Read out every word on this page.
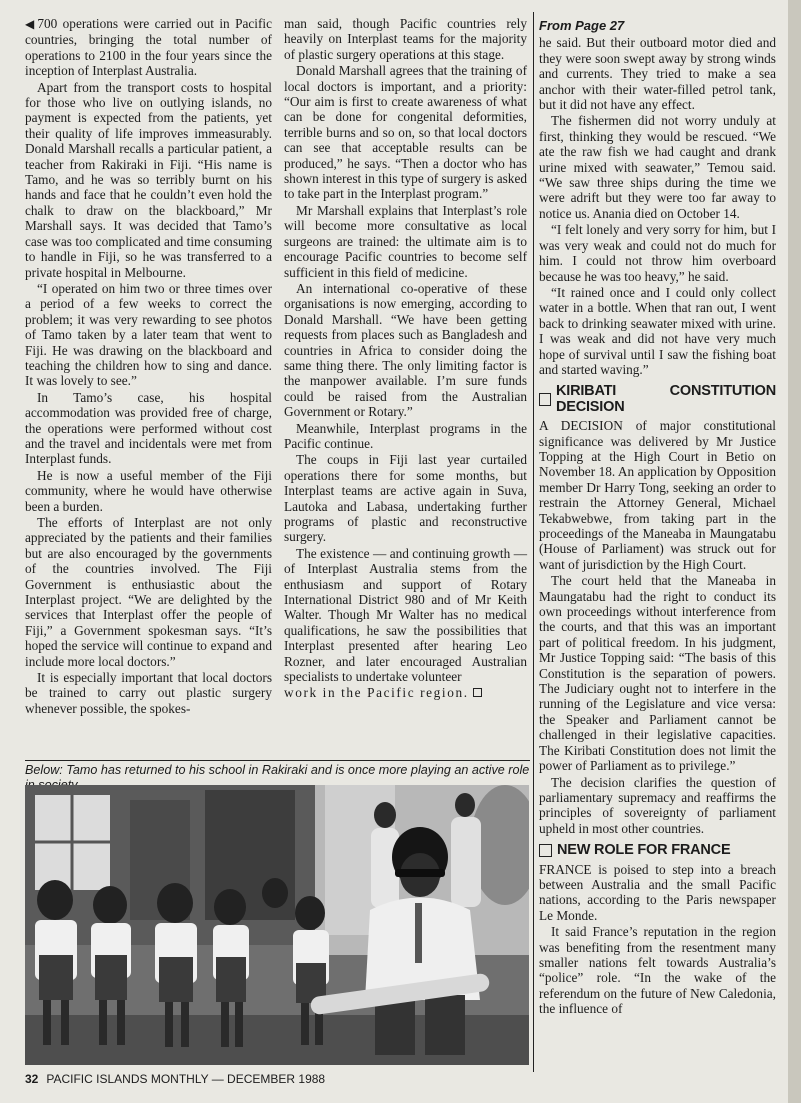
◀700 operations were carried out in Pacific countries, bringing the total number of operations to 2100 in the four years since the inception of Interplast Australia.

Apart from the transport costs to hospital for those who live on outlying islands, no payment is expected from the patients, yet their quality of life improves immeasurably. Donald Marshall recalls a particular patient, a teacher from Rakiraki in Fiji. “His name is Tamo, and he was so terribly burnt on his hands and face that he couldn’t even hold the chalk to draw on the blackboard,” Mr Marshall says. It was decided that Tamo’s case was too complicated and time consuming to handle in Fiji, so he was transferred to a private hospital in Melbourne.

“I operated on him two or three times over a period of a few weeks to correct the problem; it was very rewarding to see photos of Tamo taken by a later team that went to Fiji. He was drawing on the blackboard and teaching the children how to sing and dance. It was lovely to see.”

In Tamo’s case, his hospital accommodation was provided free of charge, the operations were performed without cost and the travel and incidentals were met from Interplast funds.

He is now a useful member of the Fiji community, where he would have otherwise been a burden.

The efforts of Interplast are not only appreciated by the patients and their families but are also encouraged by the governments of the countries involved. The Fiji Government is enthusiastic about the Interplast project. “We are delighted by the services that Interplast offer the people of Fiji,” a Government spokesman says. “It’s hoped the service will continue to expand and include more local doctors.”

It is especially important that local doctors be trained to carry out plastic surgery whenever possible, the spokes-

man said, though Pacific countries rely heavily on Interplast teams for the majority of plastic surgery operations at this stage.

Donald Marshall agrees that the training of local doctors is important, and a priority: “Our aim is first to create awareness of what can be done for congenital deformities, terrible burns and so on, so that local doctors can see that acceptable results can be produced,” he says. “Then a doctor who has shown interest in this type of surgery is asked to take part in the Interplast program.”

Mr Marshall explains that Interplast’s role will become more consultative as local surgeons are trained: the ultimate aim is to encourage Pacific countries to become self sufficient in this field of medicine.

An international co-operative of these organisations is now emerging, according to Donald Marshall. “We have been getting requests from places such as Bangladesh and countries in Africa to consider doing the same thing there. The only limiting factor is the manpower available. I’m sure funds could be raised from the Australian Government or Rotary.”

Meanwhile, Interplast programs in the Pacific continue.

The coups in Fiji last year curtailed operations there for some months, but Interplast teams are active again in Suva, Lautoka and Labasa, undertaking further programs of plastic and reconstructive surgery.

The existence — and continuing growth — of Interplast Australia stems from the enthusiasm and support of Rotary International District 980 and of Mr Keith Walter. Though Mr Walter has no medical qualifications, he saw the possibilities that Interplast presented after hearing Leo Rozner, and later encouraged Australian specialists to undertake volunteer

work in the Pacific region.

From Page 27

he said. But their outboard motor died and they were soon swept away by strong winds and currents. They tried to make a sea anchor with their water-filled petrol tank, but it did not have any effect.

The fishermen did not worry unduly at first, thinking they would be rescued. “We ate the raw fish we had caught and drank urine mixed with seawater,” Temou said. “We saw three ships during the time we were adrift but they were too far away to notice us. Anania died on October 14.

“I felt lonely and very sorry for him, but I was very weak and could not do much for him. I could not throw him overboard because he was too heavy,” he said.

“It rained once and I could only collect water in a bottle. When that ran out, I went back to drinking seawater mixed with urine. I was weak and did not have very much hope of survival until I saw the fishing boat and started waving.”

KIRIBATI CONSTITUTION DECISION

A DECISION of major constitutional significance was delivered by Mr Justice Topping at the High Court in Betio on November 18. An application by Opposition member Dr Harry Tong, seeking an order to restrain the Attorney General, Michael Tekabwebwe, from taking part in the proceedings of the Maneaba in Maungatabu (House of Parliament) was struck out for want of jurisdiction by the High Court.

The court held that the Maneaba in Maungatabu had the right to conduct its own proceedings without interference from the courts, and that this was an important part of political freedom. In his judgment, Mr Justice Topping said: “The basis of this Constitution is the separation of powers. The Judiciary ought not to interfere in the running of the Legislature and vice versa: the Speaker and Parliament cannot be challenged in their legislative capacities. The Kiribati Constitution does not limit the power of Parliament as to privilege.”

The decision clarifies the question of parliamentary supremacy and reaffirms the principles of sovereignty of parliament upheld in most other countries.

NEW ROLE FOR FRANCE

FRANCE is poised to step into a breach between Australia and the small Pacific nations, according to the Paris newspaper Le Monde.

It said France’s reputation in the region was benefiting from the resentment many smaller nations felt towards Australia’s “police” role. “In the wake of the referendum on the future of New Caledonia, the influence of

Below: Tamo has returned to his school in Rakiraki and is once more playing an active role
32 PACIFIC ISLANDS MONTHLY — DECEMBER 1988
